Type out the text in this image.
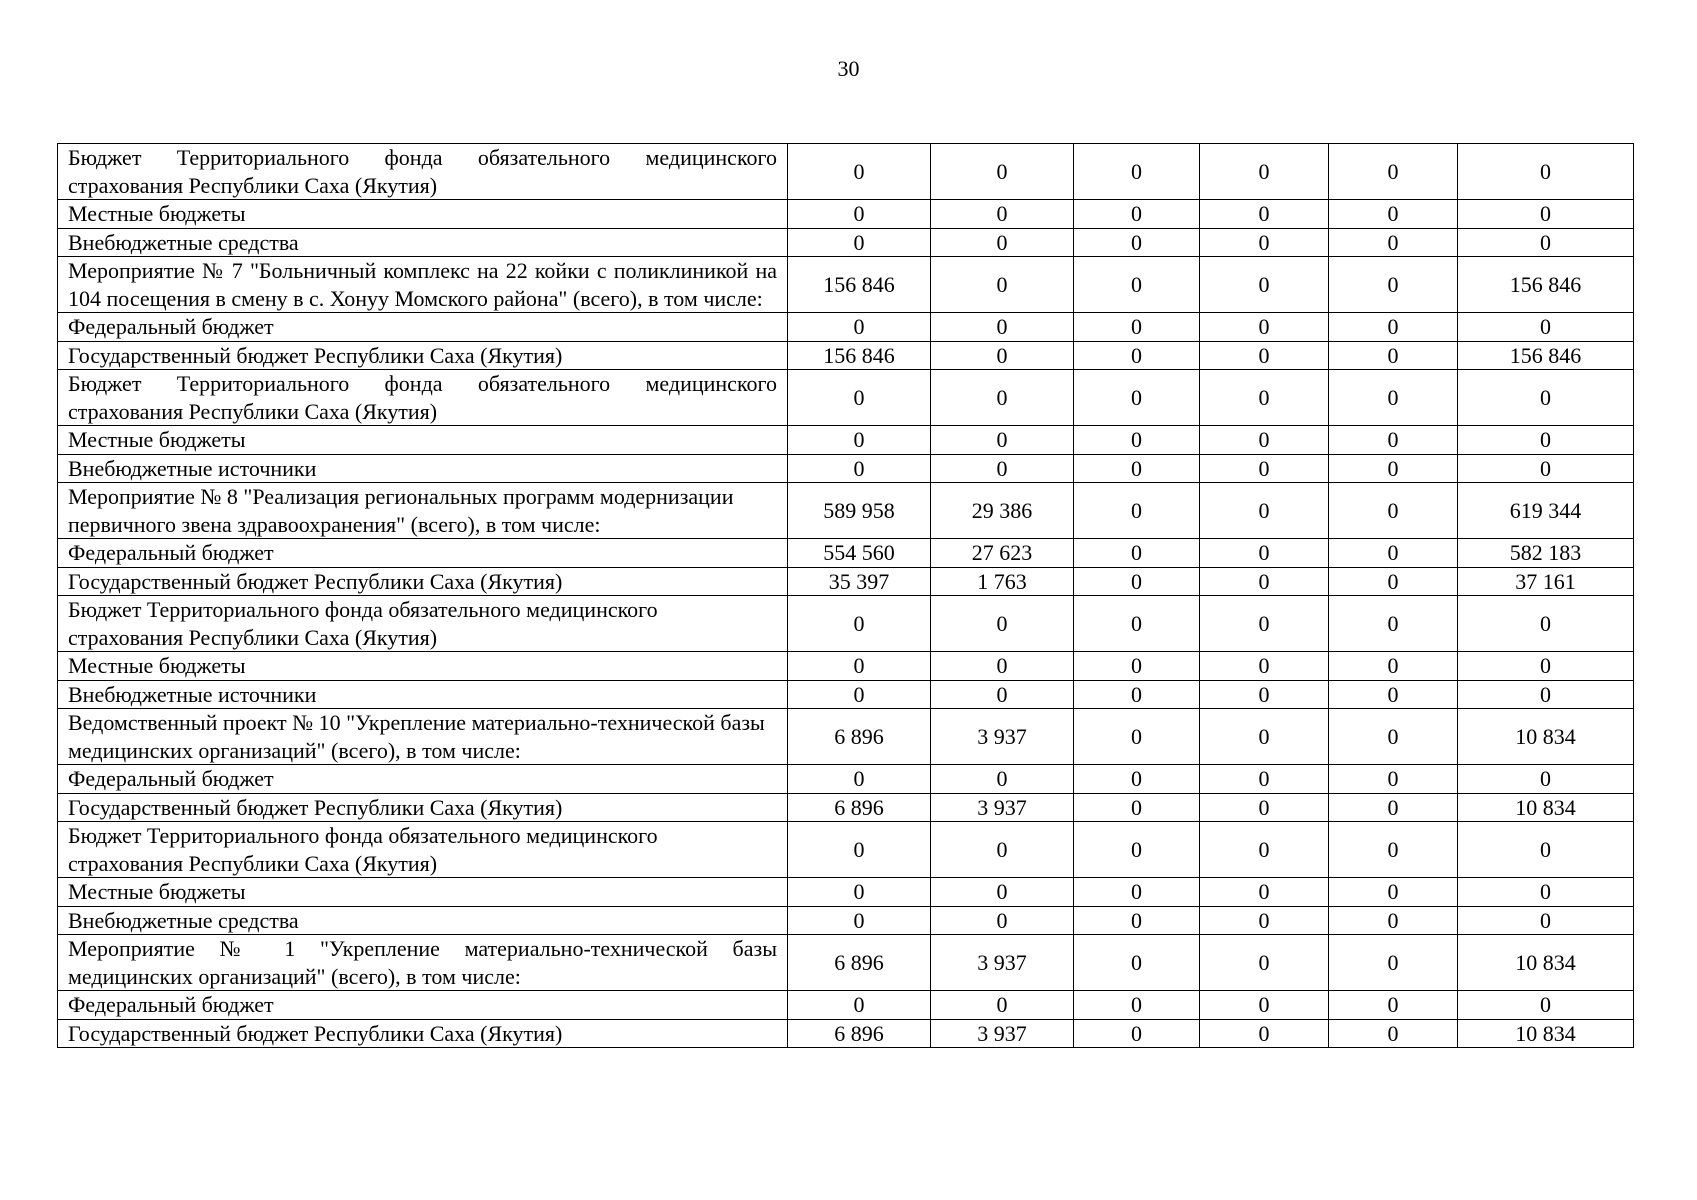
30
Бюджет Территориального фонда обязательного медицинского страхования Республики Саха (Якутия)	0	0	0	0	0	0
Местные бюджеты	0	0	0	0	0	0
Внебюджетные средства	0	0	0	0	0	0
Мероприятие № 7 "Больничный комплекс на 22 койки с поликлиникой на 104 посещения в смену в с. Хонуу Момского района" (всего), в том числе:	156 846	0	0	0	0	156 846
Федеральный бюджет	0	0	0	0	0	0
Государственный бюджет Республики Саха (Якутия)	156 846	0	0	0	0	156 846
Бюджет Территориального фонда обязательного медицинского страхования Республики Саха (Якутия)	0	0	0	0	0	0
Местные бюджеты	0	0	0	0	0	0
Внебюджетные источники	0	0	0	0	0	0
Мероприятие № 8 "Реализация региональных программ модернизации первичного звена здравоохранения" (всего), в том числе:	589 958	29 386	0	0	0	619 344
Федеральный бюджет	554 560	27 623	0	0	0	582 183
Государственный бюджет Республики Саха (Якутия)	35 397	1 763	0	0	0	37 161
Бюджет Территориального фонда обязательного медицинского страхования Республики Саха (Якутия)	0	0	0	0	0	0
Местные бюджеты	0	0	0	0	0	0
Внебюджетные источники	0	0	0	0	0	0
Ведомственный проект № 10 "Укрепление материально-технической базы медицинских организаций" (всего), в том числе:	6 896	3 937	0	0	0	10 834
Федеральный бюджет	0	0	0	0	0	0
Государственный бюджет Республики Саха (Якутия)	6 896	3 937	0	0	0	10 834
Бюджет Территориального фонда обязательного медицинского страхования Республики Саха (Якутия)	0	0	0	0	0	0
Местные бюджеты	0	0	0	0	0	0
Внебюджетные средства	0	0	0	0	0	0
Мероприятие № 1 "Укрепление материально-технической базы медицинских организаций" (всего), в том числе:	6 896	3 937	0	0	0	10 834
Федеральный бюджет	0	0	0	0	0	0
Государственный бюджет Республики Саха (Якутия)	6 896	3 937	0	0	0	10 834
